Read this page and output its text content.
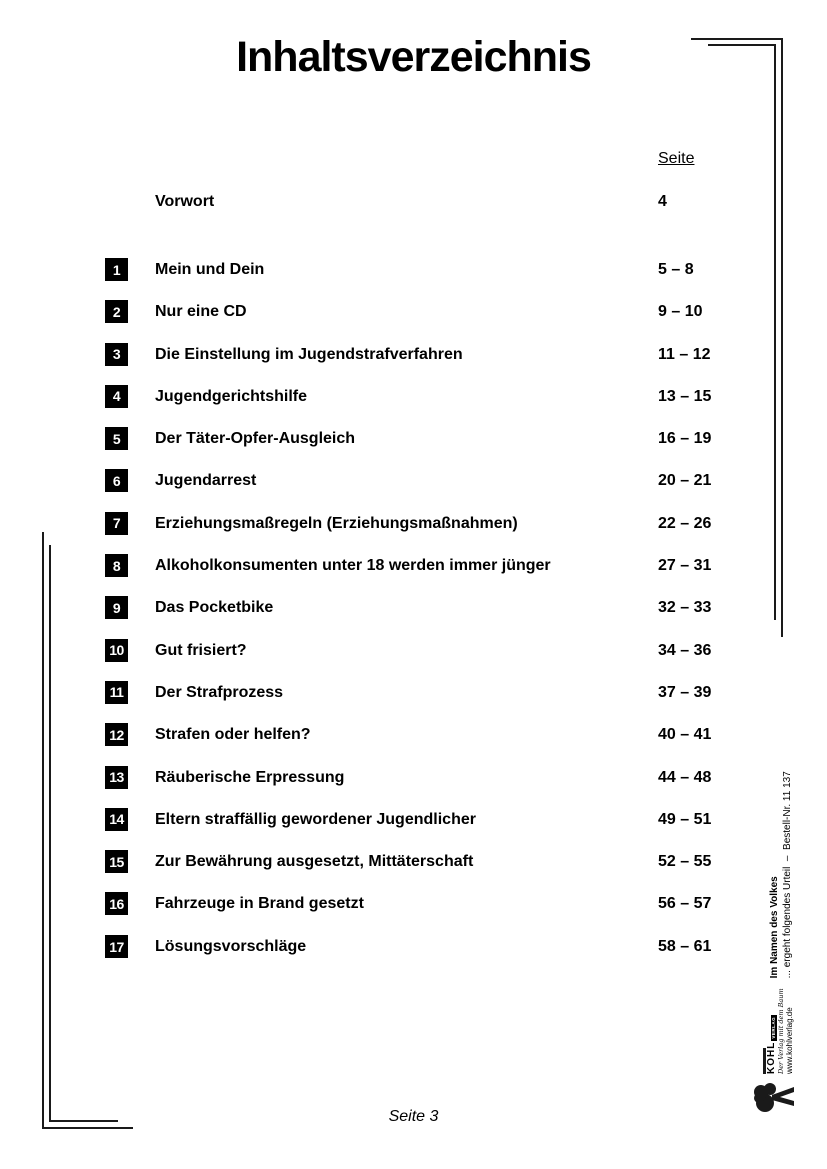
Inhaltsverzeichnis
Seite
Vorwort	4
1 Mein und Dein	5 – 8
2 Nur eine CD	9 – 10
3 Die Einstellung im Jugendstrafverfahren	11 – 12
4 Jugendgerichtshilfe	13 – 15
5 Der Täter-Opfer-Ausgleich	16 – 19
6 Jugendarrest	20 – 21
7 Erziehungsmaßregeln (Erziehungsmaßnahmen)	22 – 26
8 Alkoholkonsumenten unter 18 werden immer jünger	27 – 31
9 Das Pocketbike	32 – 33
10 Gut frisiert?	34 – 36
11 Der Strafprozess	37 – 39
12 Strafen oder helfen?	40 – 41
13 Räuberische Erpressung	44 – 48
14 Eltern straffällig gewordener Jugendlicher	49 – 51
15 Zur Bewährung ausgesetzt, Mittäterschaft	52 – 55
16 Fahrzeuge in Brand gesetzt	56 – 57
17 Lösungsvorschläge	58 – 61
KOHL
VERLAG Der Verlag mit dem Baum www.kohlverlag.de
Im Namen des Volkes ... ergeht folgendes Urteil  –  Bestell-Nr. 11 137
Seite 3
